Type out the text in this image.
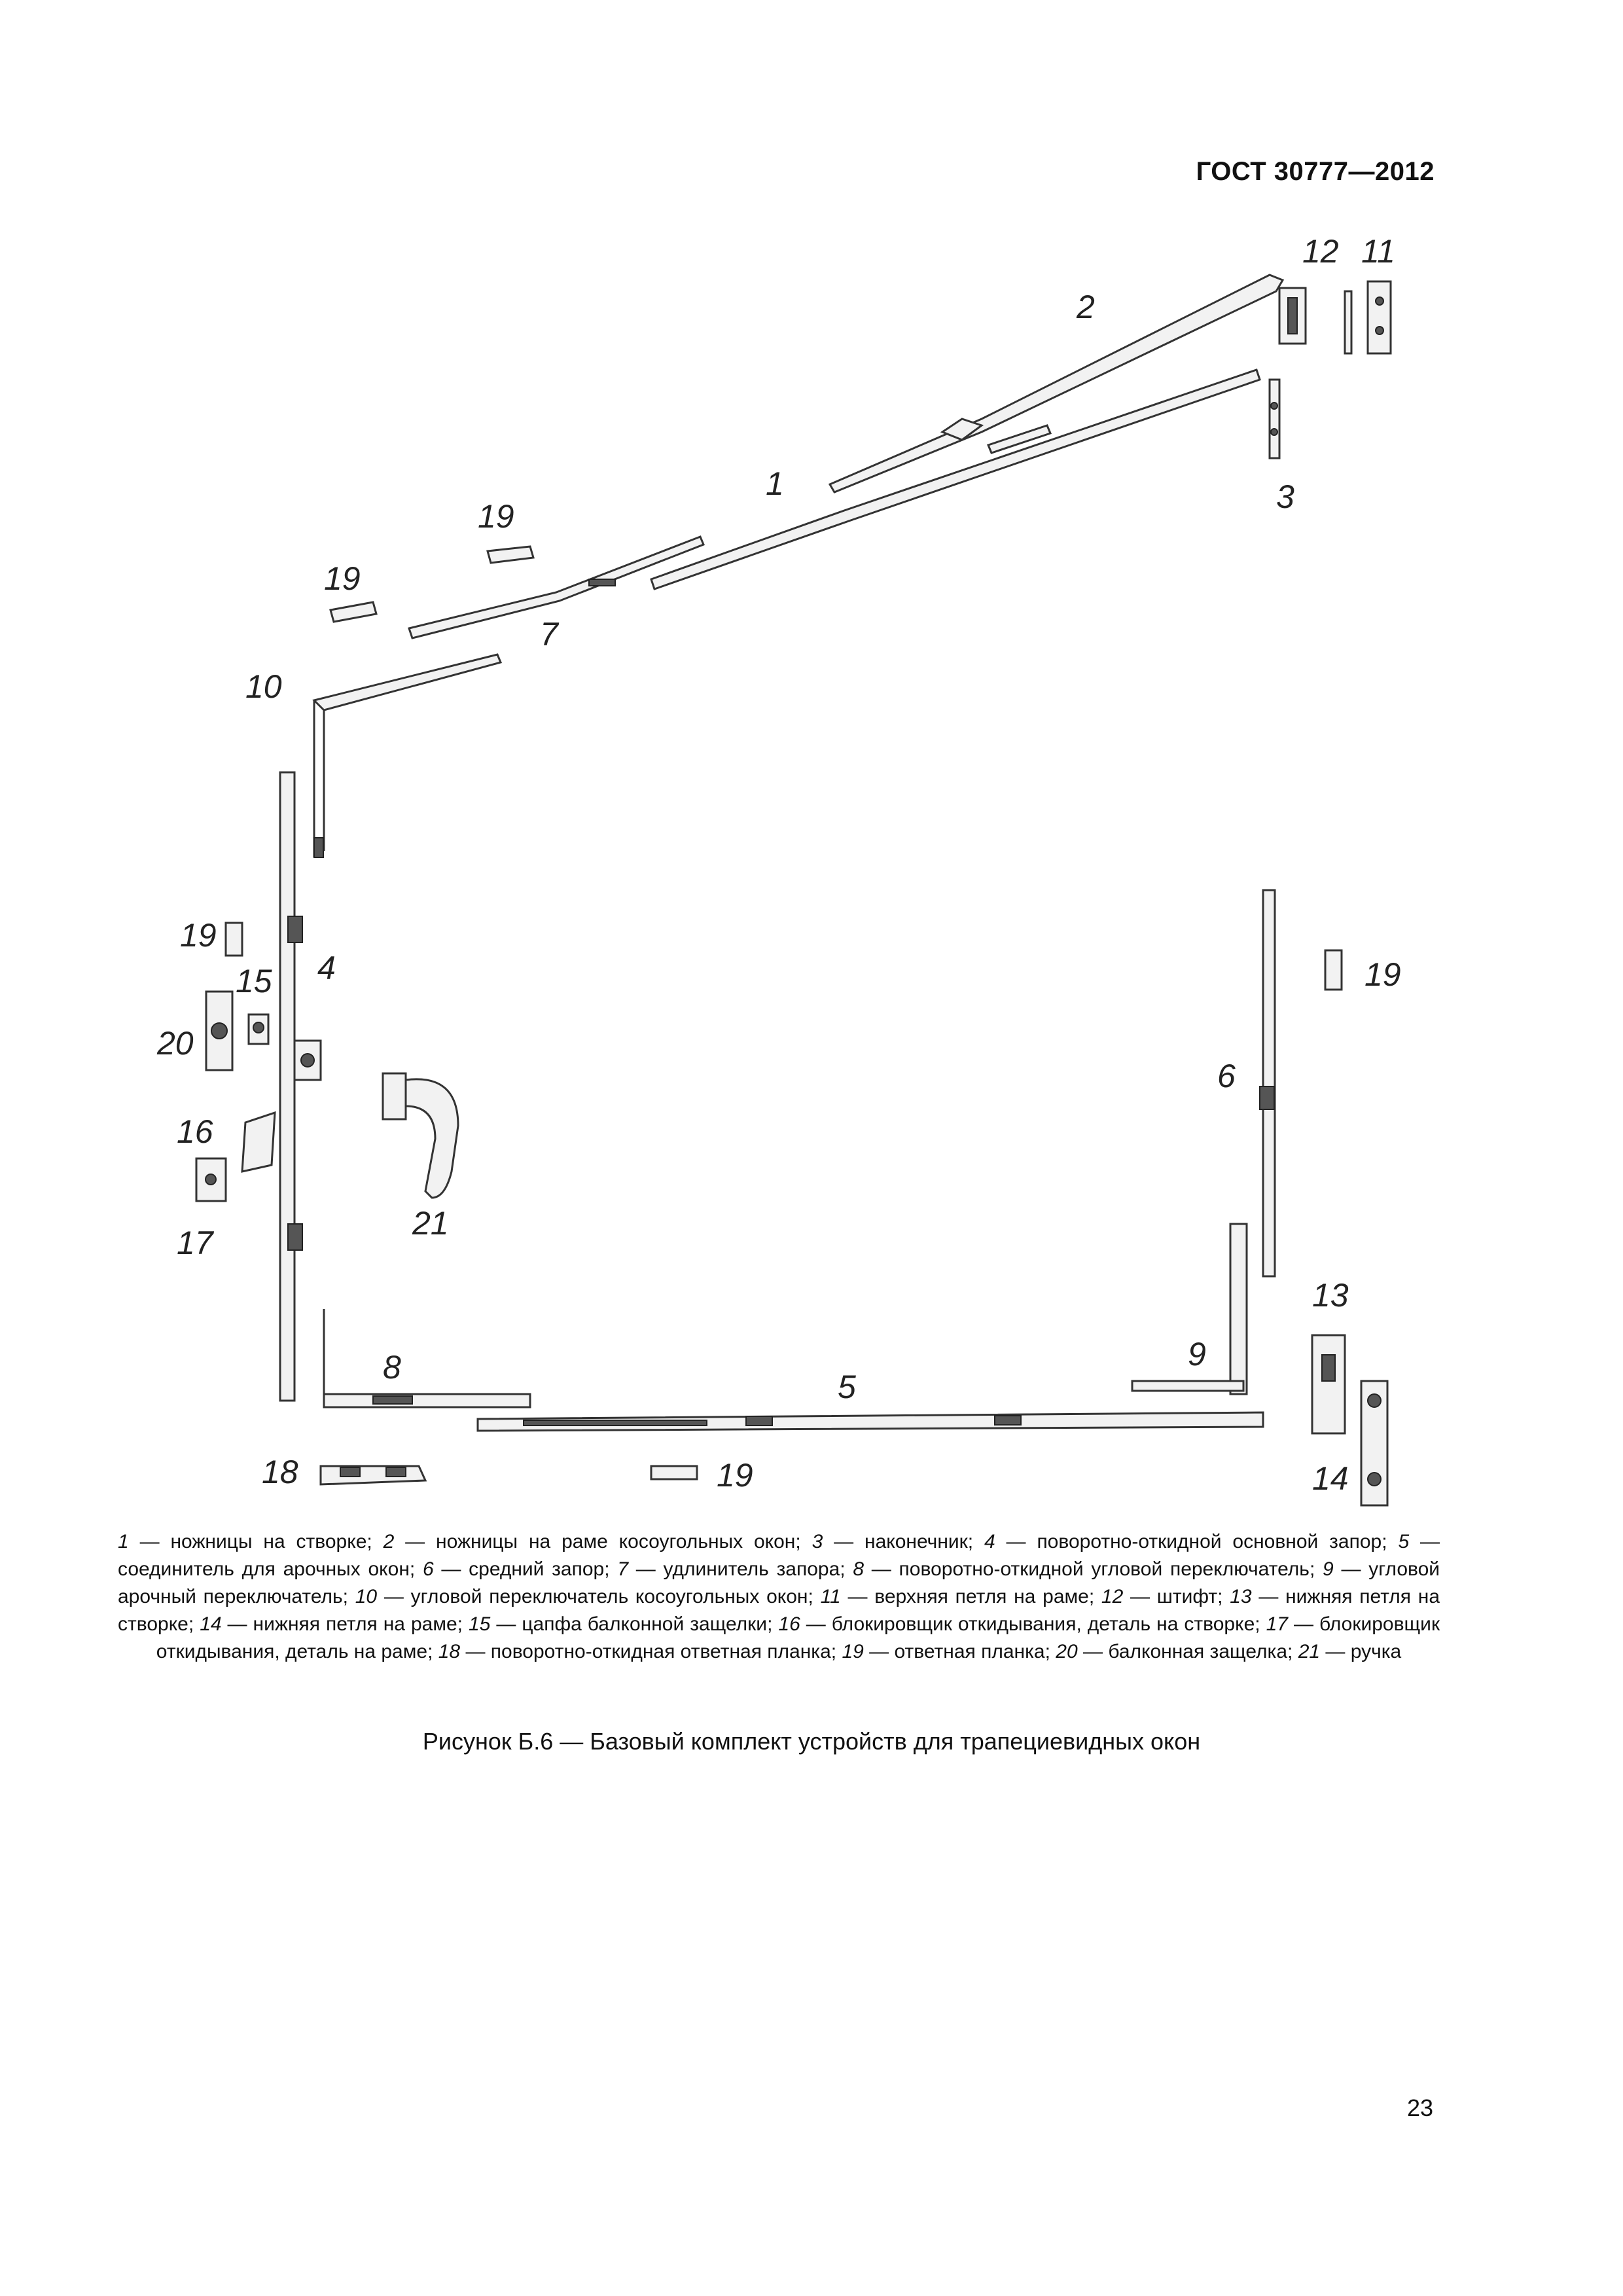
ГОСТ 30777—2012
1
2
3
4
5
6
7
8	9
10
11
12
13
14
15
16
17
18
19
19
19
19
19
20
21
1 — ножницы на створке; 2 — ножницы на раме косоугольных окон; 3 — наконечник; 4 — поворотно-откидной основной запор; 5 — соединитель для арочных окон; 6 — средний запор; 7 — удлинитель запора; 8 — поворотно-откидной угловой переключатель; 9 — угловой арочный переключатель; 10 — угловой переключатель косоугольных окон; 11 — верхняя петля на раме; 12 — штифт; 13 — нижняя петля на створке; 14 — нижняя петля на раме; 15 — цапфа балконной защелки; 16 — блокировщик откидывания, деталь на створке; 17 — блокировщик откидывания, деталь на раме; 18 — поворотно-откидная ответная планка; 19 — ответная планка; 20 — балконная защелка; 21 — ручка
Рисунок Б.6 — Базовый комплект устройств для трапециевидных окон
23
